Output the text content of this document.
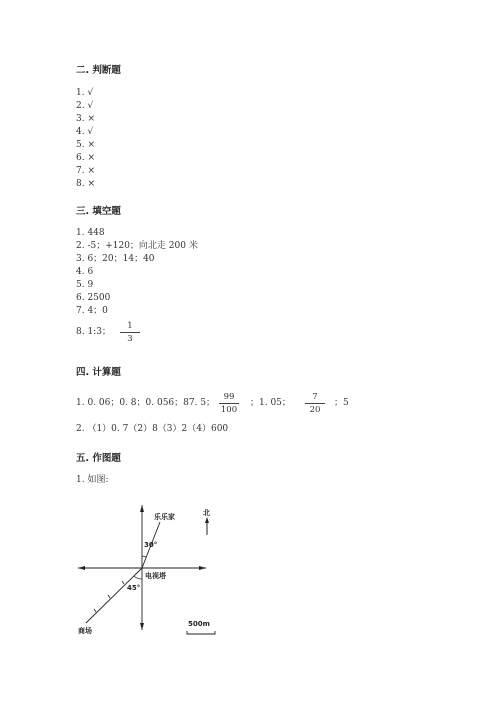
二. 判断题
1. √
2. √
3. ×
4. √
5. ×
6. ×
7. ×
8. ×
三. 填空题
1. 448
2. -5；+120；向北走 200 米
3. 6；20；14；40
4. 6
5. 9
6. 2500
7. 4；0
8. 1:3；
1
3
四. 计算题
1. 0. 06；0. 8；0. 056；87. 5；
99
100
；1. 05；
7
20
；5
2. （1）0. 7（2）8（3）2（4）600
五. 作图题
1. 如图:
30°
45°
乐乐家
电视塔
商场
北
500m
